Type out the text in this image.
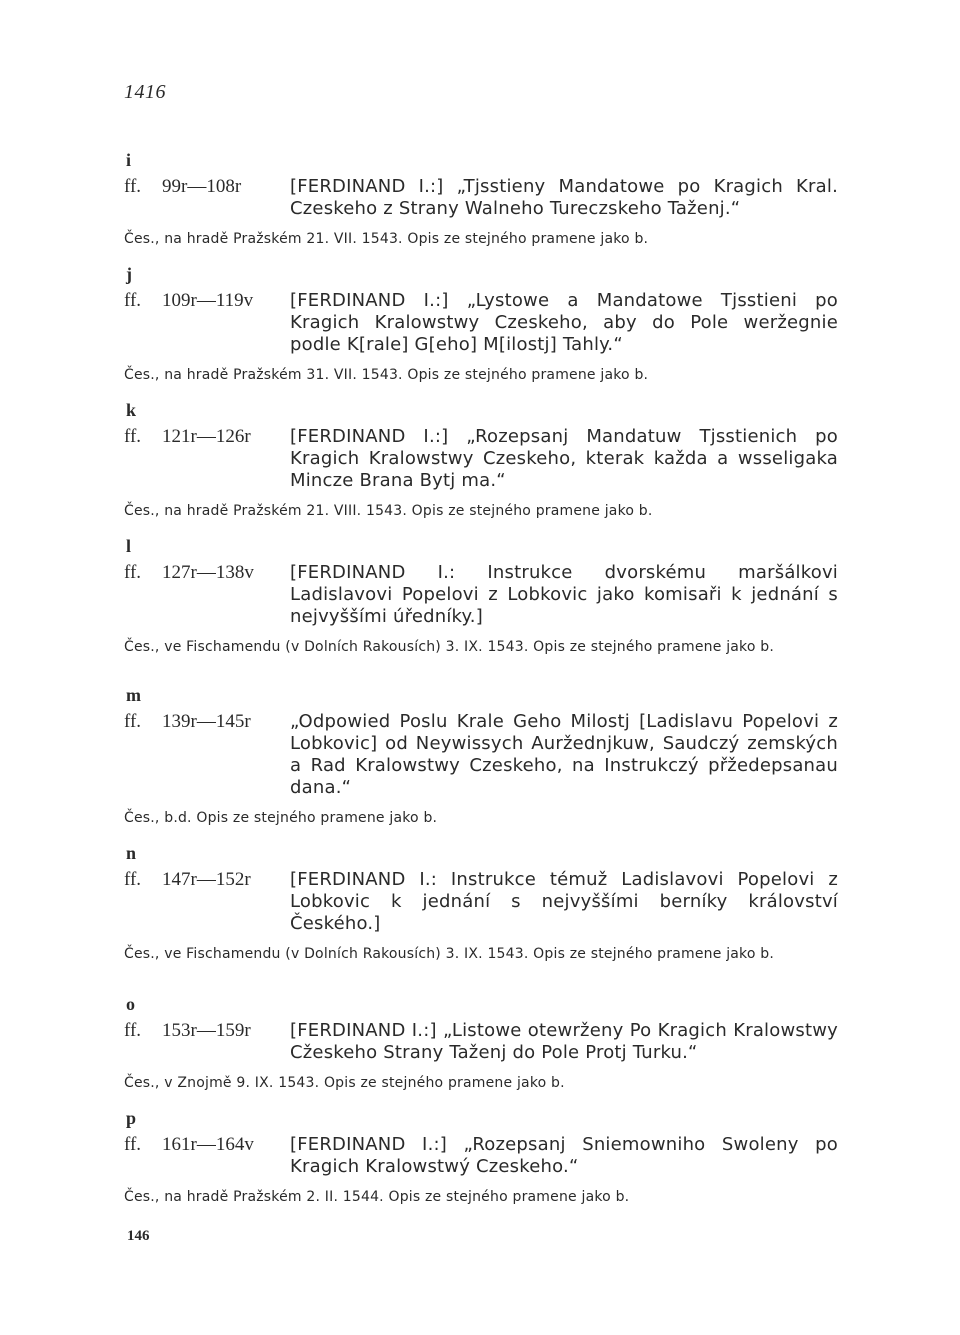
1416
i
ff.	99r—108r	[FERDINAND I.:] „Tjsstieny Mandatowe po Kragich Kral. Czeskeho z Strany Walneho Tureczskeho Taženj.“
Čes., na hradě Pražském 21. VII. 1543. Opis ze stejného pramene jako b.
j
ff.	109r—119v	[FERDINAND I.:] „Lystowe a Mandatowe Tjsstieni po Kragich Kralowstwy Czeskeho, aby do Pole weržegnie podle K[rale] G[eho] M[ilostj] Tahly.“
Čes., na hradě Pražském 31. VII. 1543. Opis ze stejného pramene jako b.
k
ff.	121r—126r	[FERDINAND I.:] „Rozepsanj Mandatuw Tjsstienich po Kragich Kralowstwy Czeskeho, kterak každa a wsseligaka Mincze Brana Bytj ma.“
Čes., na hradě Pražském 21. VIII. 1543. Opis ze stejného pramene jako b.
l
ff.	127r—138v	[FERDINAND I.: Instrukce dvorskému maršálkovi Ladislavovi Popelovi z Lobkovic jako komisaři k jednání s nejvyššími úředníky.]
Čes., ve Fischamendu (v Dolních Rakousích) 3. IX. 1543. Opis ze stejného pramene jako b.
m
ff.	139r—145r	„Odpowied Poslu Krale Geho Milostj [Ladislavu Popelovi z Lobkovic] od Neywissych Auržednjkuw, Saudczý zemských a Rad Kralowstwy Czeskeho, na Instrukczý přžedepsanau dana.“
Čes., b.d. Opis ze stejného pramene jako b.
n
ff.	147r—152r	[FERDINAND I.: Instrukce témuž Ladislavovi Popelovi z Lobkovic k jednání s nejvyššími berníky království Českého.]
Čes., ve Fischamendu (v Dolních Rakousích) 3. IX. 1543. Opis ze stejného pramene jako b.
o
ff.	153r—159r	[FERDINAND I.:] „Listowe otewrženy Po Kragich Kralowstwy Cžeskeho Strany Taženj do Pole Protj Turku.“
Čes., v Znojmě 9. IX. 1543. Opis ze stejného pramene jako b.
p
ff.	161r—164v	[FERDINAND I.:] „Rozepsanj Sniemowniho Swoleny po Kragich Kralowstwý Czeskeho.“
Čes., na hradě Pražském 2. II. 1544. Opis ze stejného pramene jako b.
146
